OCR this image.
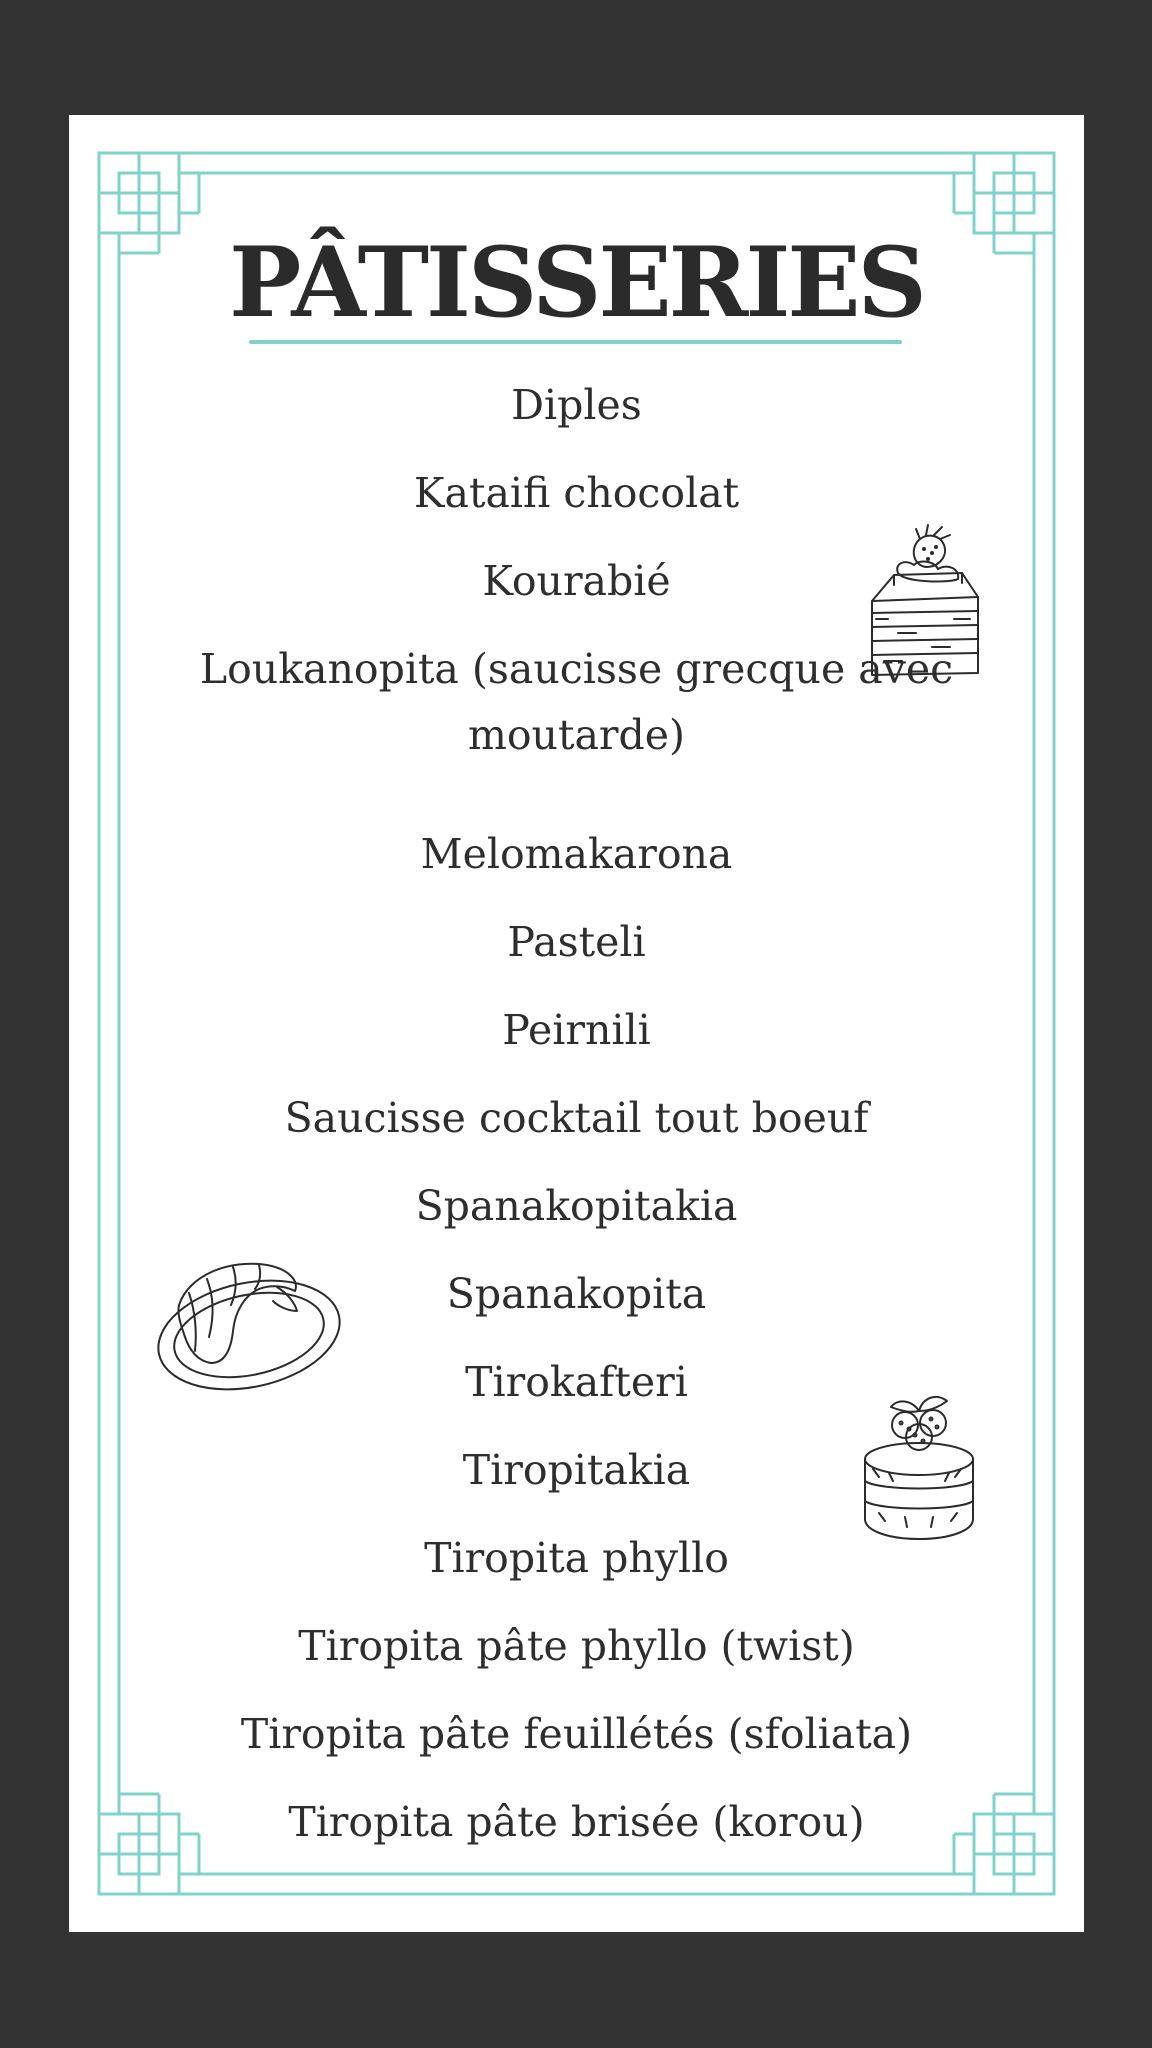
PÂTISSERIES

Diples

Kataifi chocolat

Kourabié

Loukanopita (saucisse grecque avec moutarde)

Melomakarona

Pasteli

Peirnili

Saucisse cocktail tout boeuf

Spanakopitakia

Spanakopita

Tirokafteri

Tiropitakia

Tiropita phyllo

Tiropita pâte phyllo (twist)

Tiropita pâte feuillétés (sfoliata)

Tiropita pâte brisée (korou)
